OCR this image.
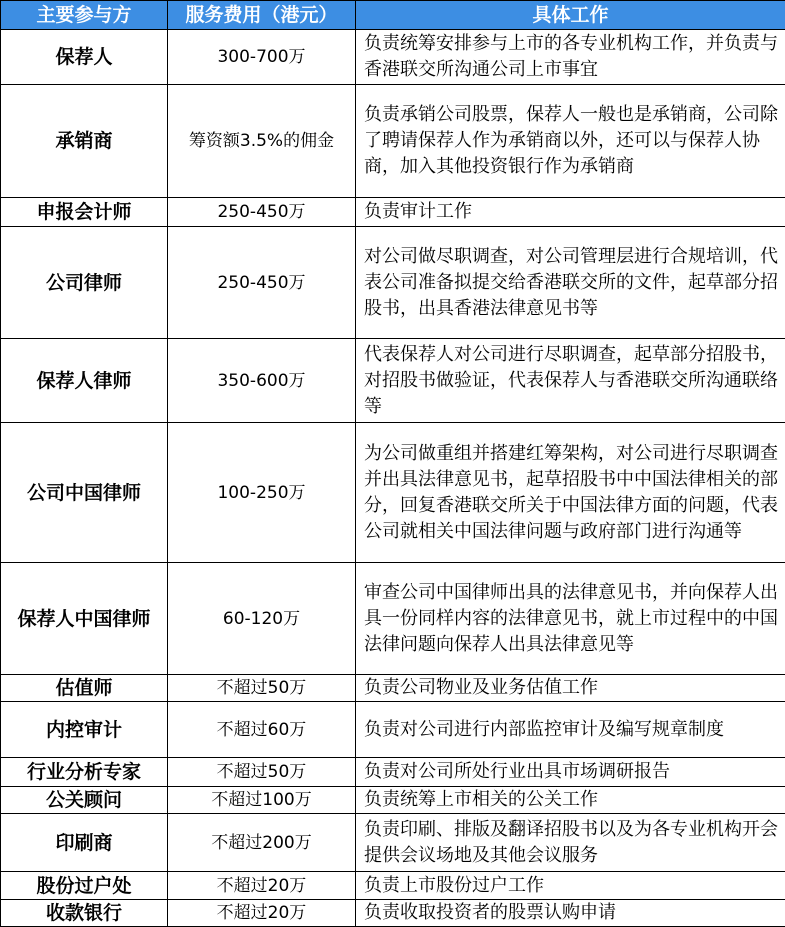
主要参与方	服务费用（港元）	具体工作
保荐人	300-700万	负责统筹安排参与上市的各专业机构工作，并负责与香港联交所沟通公司上市事宜
承销商	筹资额3.5%的佣金	负责承销公司股票，保荐人一般也是承销商，公司除了聘请保荐人作为承销商以外，还可以与保荐人协商，加入其他投资银行作为承销商
申报会计师	250-450万	负责审计工作
公司律师	250-450万	对公司做尽职调查，对公司管理层进行合规培训，代表公司准备拟提交给香港联交所的文件，起草部分招股书，出具香港法律意见书等
保荐人律师	350-600万	代表保荐人对公司进行尽职调查，起草部分招股书，对招股书做验证，代表保荐人与香港联交所沟通联络等
公司中国律师	100-250万	为公司做重组并搭建红筹架构，对公司进行尽职调查并出具法律意见书，起草招股书中中国法律相关的部分，回复香港联交所关于中国法律方面的问题，代表公司就相关中国法律问题与政府部门进行沟通等
保荐人中国律师	60-120万	审查公司中国律师出具的法律意见书，并向保荐人出具一份同样内容的法律意见书，就上市过程中的中国法律问题向保荐人出具法律意见等
估值师	不超过50万	负责公司物业及业务估值工作
内控审计	不超过60万	负责对公司进行内部监控审计及编写规章制度
行业分析专家	不超过50万	负责对公司所处行业出具市场调研报告
公关顾问	不超过100万	负责统筹上市相关的公关工作
印刷商	不超过200万	负责印刷、排版及翻译招股书以及为各专业机构开会提供会议场地及其他会议服务
股份过户处	不超过20万	负责上市股份过户工作
收款银行	不超过20万	负责收取投资者的股票认购申请
